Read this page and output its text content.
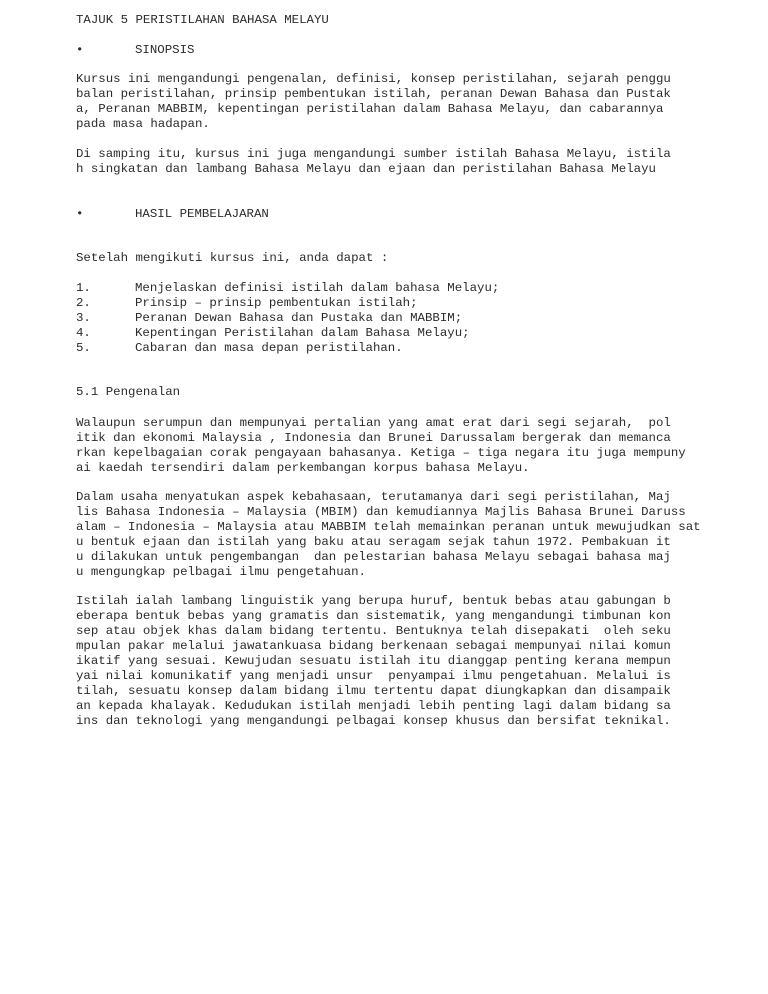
TAJUK 5 PERISTILAHAN BAHASA MELAYU
•	SINOPSIS
Kursus ini mengandungi pengenalan, definisi, konsep peristilahan, sejarah penggu
balan peristilahan, prinsip pembentukan istilah, peranan Dewan Bahasa dan Pustak
a, Peranan MABBIM, kepentingan peristilahan dalam Bahasa Melayu, dan cabarannya
pada masa hadapan.
Di samping itu, kursus ini juga mengandungi sumber istilah Bahasa Melayu, istila
h singkatan dan lambang Bahasa Melayu dan ejaan dan peristilahan Bahasa Melayu
•	HASIL PEMBELAJARAN
Setelah mengikuti kursus ini, anda dapat :
1.	Menjelaskan definisi istilah dalam bahasa Melayu;
2.	Prinsip – prinsip pembentukan istilah;
3.	Peranan Dewan Bahasa dan Pustaka dan MABBIM;
4.	Kepentingan Peristilahan dalam Bahasa Melayu;
5.	Cabaran dan masa depan peristilahan.
5.1 Pengenalan
Walaupun serumpun dan mempunyai pertalian yang amat erat dari segi sejarah,  pol
itik dan ekonomi Malaysia , Indonesia dan Brunei Darussalam bergerak dan memanca
rkan kepelbagaian corak pengayaan bahasanya. Ketiga – tiga negara itu juga mempuny
ai kaedah tersendiri dalam perkembangan korpus bahasa Melayu.
Dalam usaha menyatukan aspek kebahasaan, terutamanya dari segi peristilahan, Maj
lis Bahasa Indonesia – Malaysia (MBIM) dan kemudiannya Majlis Bahasa Brunei Daruss
alam – Indonesia – Malaysia atau MABBIM telah memainkan peranan untuk mewujudkan sat
u bentuk ejaan dan istilah yang baku atau seragam sejak tahun 1972. Pembakuan it
u dilakukan untuk pengembangan  dan pelestarian bahasa Melayu sebagai bahasa maj
u mengungkap pelbagai ilmu pengetahuan.
Istilah ialah lambang linguistik yang berupa huruf, bentuk bebas atau gabungan b
eberapa bentuk bebas yang gramatis dan sistematik, yang mengandungi timbunan kon
sep atau objek khas dalam bidang tertentu. Bentuknya telah disepakati  oleh seku
mpulan pakar melalui jawatankuasa bidang berkenaan sebagai mempunyai nilai komun
ikatif yang sesuai. Kewujudan sesuatu istilah itu dianggap penting kerana mempun
yai nilai komunikatif yang menjadi unsur  penyampai ilmu pengetahuan. Melalui is
tilah, sesuatu konsep dalam bidang ilmu tertentu dapat diungkapkan dan disampaik
an kepada khalayak. Kedudukan istilah menjadi lebih penting lagi dalam bidang sa
ins dan teknologi yang mengandungi pelbagai konsep khusus dan bersifat teknikal.
